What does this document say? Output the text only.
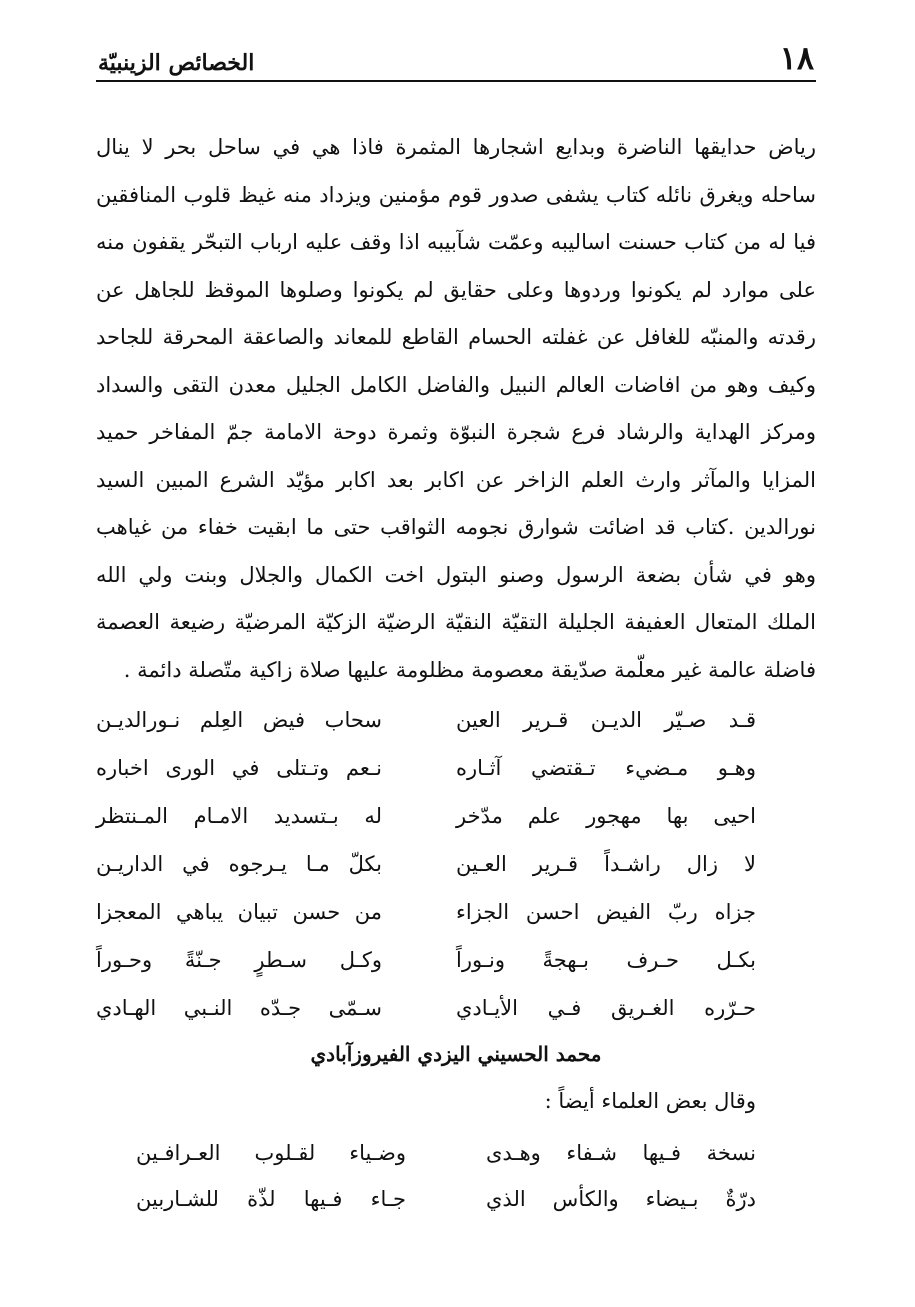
١٨
الخصائص الزينبيّة
رياض حدايقها الناضرة وبدايع اشجارها المثمرة فاذا هي في ساحل بحر لا ينال
ساحله ويغرق نائله كتاب يشفى صدور قوم مؤمنين ويزداد منه غيظ قلوب المنافقين
فيا له من كتاب حسنت اساليبه وعمّت شآبيبه اذا وقف عليه ارباب التبحّر يقفون منه
على موارد لم يكونوا وردوها وعلى حقايق لم يكونوا وصلوها الموقظ للجاهل عن
رقدته والمنبّه للغافل عن غفلته الحسام القاطع للمعاند والصاعقة المحرقة للجاحد
وكيف وهو من افاضات العالم النبيل والفاضل الكامل الجليل معدن التقى والسداد
ومركز الهداية والرشاد فرع شجرة النبوّة وثمرة دوحة الامامة جمّ المفاخر حميد
المزايا والمآثر وارث العلم الزاخر عن اكابر بعد اكابر مؤيّد الشرع المبين السيد
نورالدين .كتاب قد اضائت شوارق نجومه الثواقب حتى ما ابقيت خفاء من غياهب
وهو في شأن بضعة الرسول وصنو البتول اخت الكمال والجلال وبنت ولي الله
الملك المتعال العفيفة الجليلة التقيّة النقيّة الرضيّة الزكيّة المرضيّة رضيعة العصمة
فاضلة عالمة غير معلّمة صدّيقة معصومة مظلومة عليها صلاة زاكية متّصلة دائمة .
قـد صـيّر الديـن قـرير العين
سحاب فيض العِلم نـورالديـن
وهـو مـضيء تـقتضي آثـاره
نـعم وتـتلى في الورى اخباره
احيى بها مهجور علم مدّخر
له بـتسديد الامـام المـنتظر
لا زال راشـداً قـرير العـين
بكلّ مـا يـرجوه في الداريـن
جزاه ربّ الفيض احسن الجزاء
من حسن تبيان يباهي المعجزا
بكـل حـرف بـهجةً ونـوراً
وكـل سـطرٍ جـنّةً وحـوراً
حـرّره الغـريق فـي الأيـادي
سـمّى جـدّه النـبي الهـادي
محمد الحسيني اليزدي الفيروزآبادي
وقال بعض العلماء أيضاً :
نسخة فـيها شـفاء وهـدى
وضـياء لقـلوب العـرافـين
درّةٌ بـيضاء والكأس الذي
جـاء فـيها لذّة للشـاربين
